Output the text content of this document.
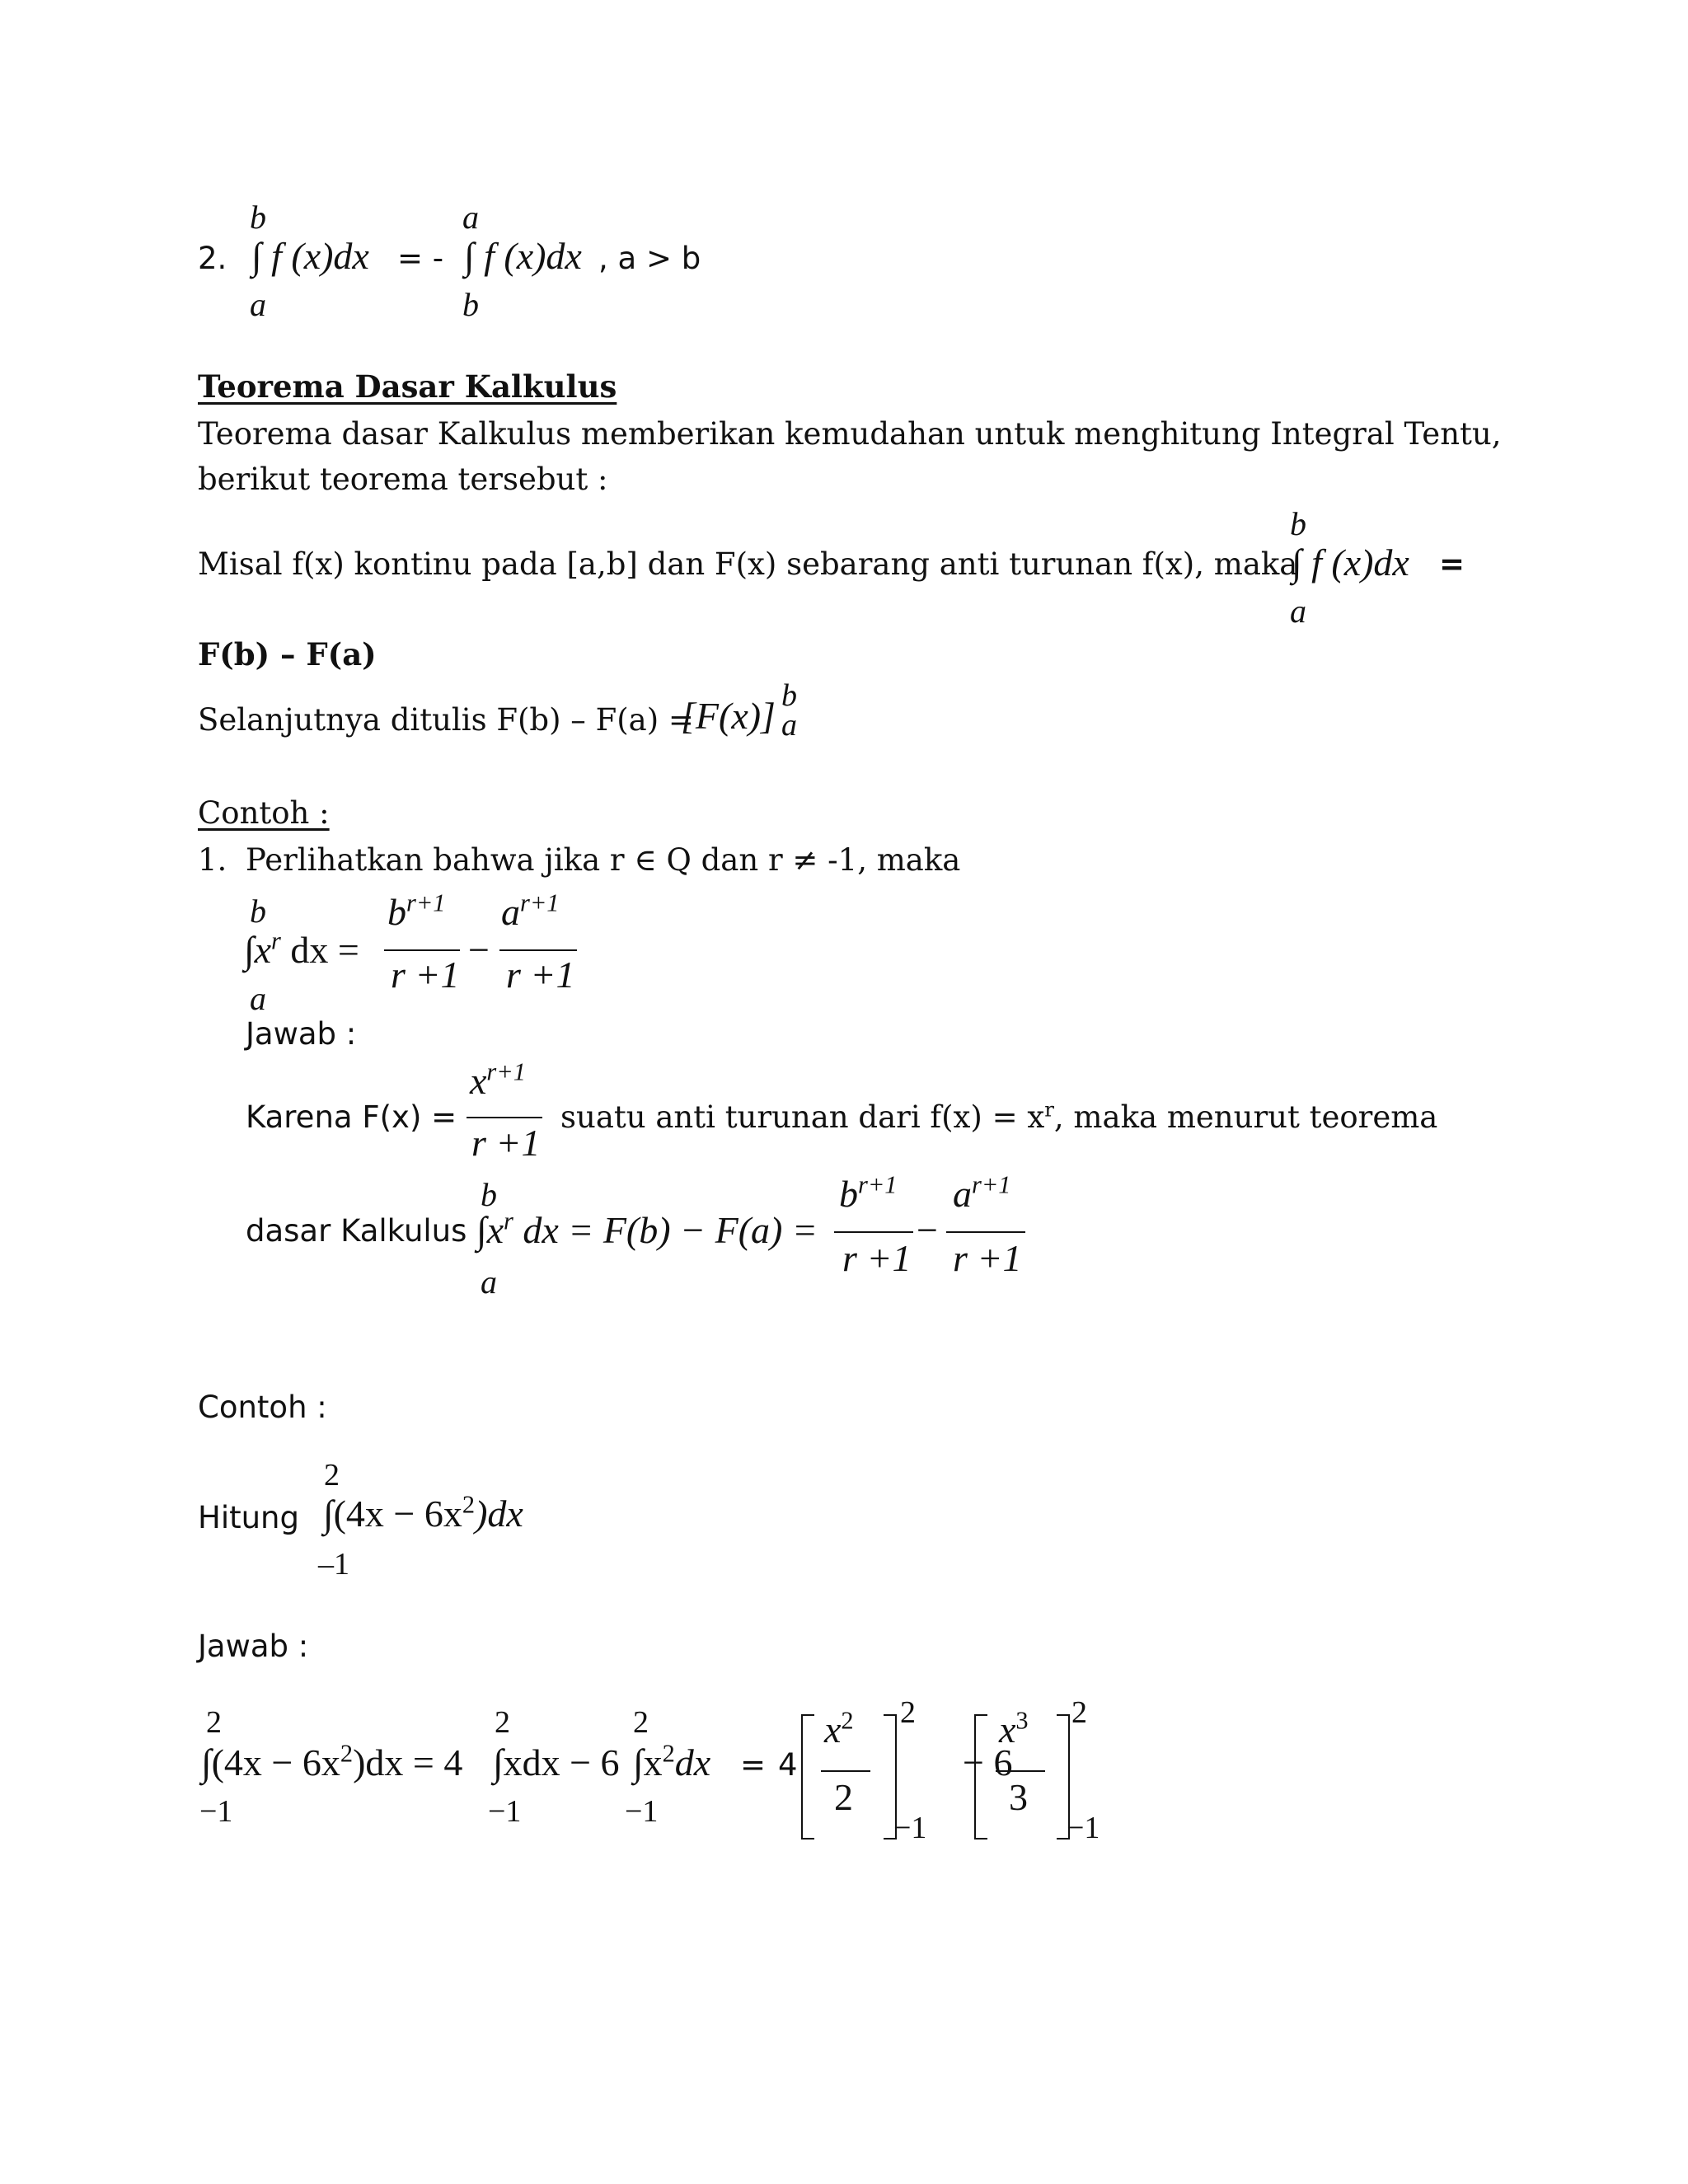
2.
b
∫ f (x)dx
a
= -
a
∫ f (x)dx
b
, a > b
Teorema Dasar Kalkulus
Teorema dasar Kalkulus memberikan kemudahan untuk menghitung Integral Tentu,
berikut teorema tersebut :
Misal f(x) kontinu pada [a,b] dan F(x) sebarang anti turunan f(x), maka
b
∫ f (x)dx
a
=
F(b) – F(a)
Selanjutnya ditulis F(b) – F(a) =
[F(x)] b
a
Contoh :
1. Perlihatkan bahwa jika r ∈ Q dan r ≠ -1, maka
b
$\int x^r$ dx =
a
$b^{r+1}$
r +1
−
$a^{r+1}$
r +1
Jawab :
Karena F(x) =
$x^{r+1}$
r +1
suatu anti turunan dari $f(x) = x^r$, maka menurut teorema
dasar Kalkulus
b
$\int x^r$ dx = F(b) − F(a) =
a
$b^{r+1}$
r +1
−
$a^{r+1}$
r +1
Contoh :
Hitung
2
$\int(4x - 6x^2)dx$
–1
Jawab :
2
$\int(4x - 6x^2)dx = 4$
−1
2
∫xdx − 6
−1
2
$\int x^2dx$
−1
= 4
$x^2$
2
2
−1
− 6
$x^3$
3
2
−1
